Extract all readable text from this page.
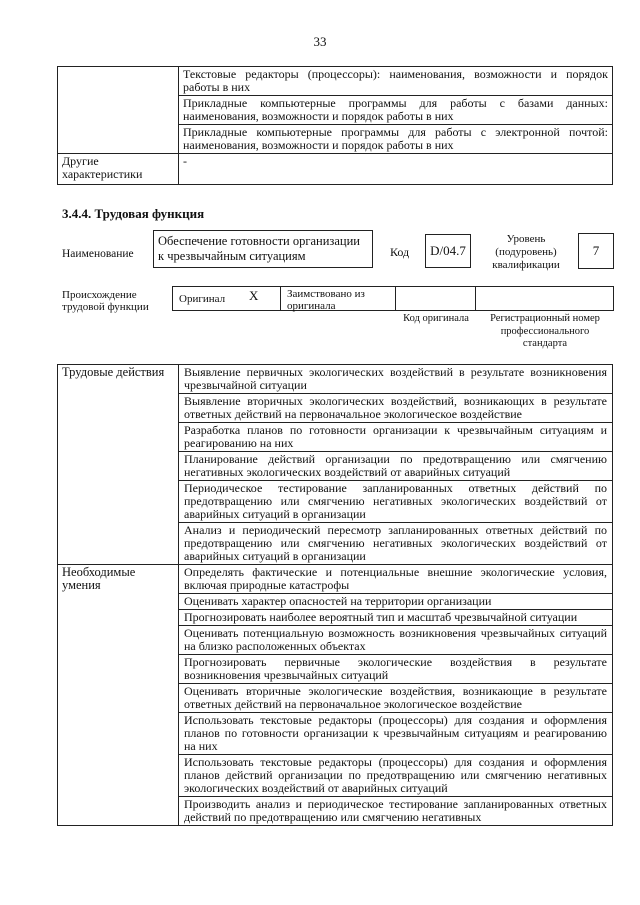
33
	Текстовые редакторы (процессоры): наименования, возможности и порядок работы в них
	Прикладные компьютерные программы для работы с базами данных: наименования, возможности и порядок работы в них
	Прикладные компьютерные программы для работы с электронной почтой: наименования, возможности и порядок работы в них
Другие характеристики	-
3.4.4. Трудовая функция
Наименование
Обеспечение готовности организации к чрезвычайным ситуациям	Код	D/04.7
Уровень (подуровень) квалификации
7
Происхождение трудовой функции
Оригинал X	Заимствовано из оригинала
Код оригинала	Регистрационный номер профессионального стандарта
Трудовые действия	Выявление первичных экологических воздействий в результате возникновения чрезвычайной ситуации
	Выявление вторичных экологических воздействий, возникающих в результате ответных действий на первоначальное экологическое воздействие
	Разработка планов по готовности организации к чрезвычайным ситуациям и реагированию на них
	Планирование действий организации по предотвращению или смягчению негативных экологических воздействий от аварийных ситуаций
	Периодическое тестирование запланированных ответных действий по предотвращению или смягчению негативных экологических воздействий от аварийных ситуаций в организации
	Анализ и периодический пересмотр запланированных ответных действий по предотвращению или смягчению негативных экологических воздействий от аварийных ситуаций в организации
Необходимые умения	Определять фактические и потенциальные внешние экологические условия, включая природные катастрофы
	Оценивать характер опасностей на территории организации
	Прогнозировать наиболее вероятный тип и масштаб чрезвычайной ситуации
	Оценивать потенциальную возможность возникновения чрезвычайных ситуаций на близко расположенных объектах
	Прогнозировать первичные экологические воздействия в результате возникновения чрезвычайных ситуаций
	Оценивать вторичные экологические воздействия, возникающие в результате ответных действий на первоначальное экологическое воздействие
	Использовать текстовые редакторы (процессоры) для создания и оформления планов по готовности организации к чрезвычайным ситуациям и реагированию на них
	Использовать текстовые редакторы (процессоры) для создания и оформления планов действий организации по предотвращению или смягчению негативных экологических воздействий от аварийных ситуаций
	Производить анализ и периодическое тестирование запланированных ответных действий по предотвращению или смягчению негативных
